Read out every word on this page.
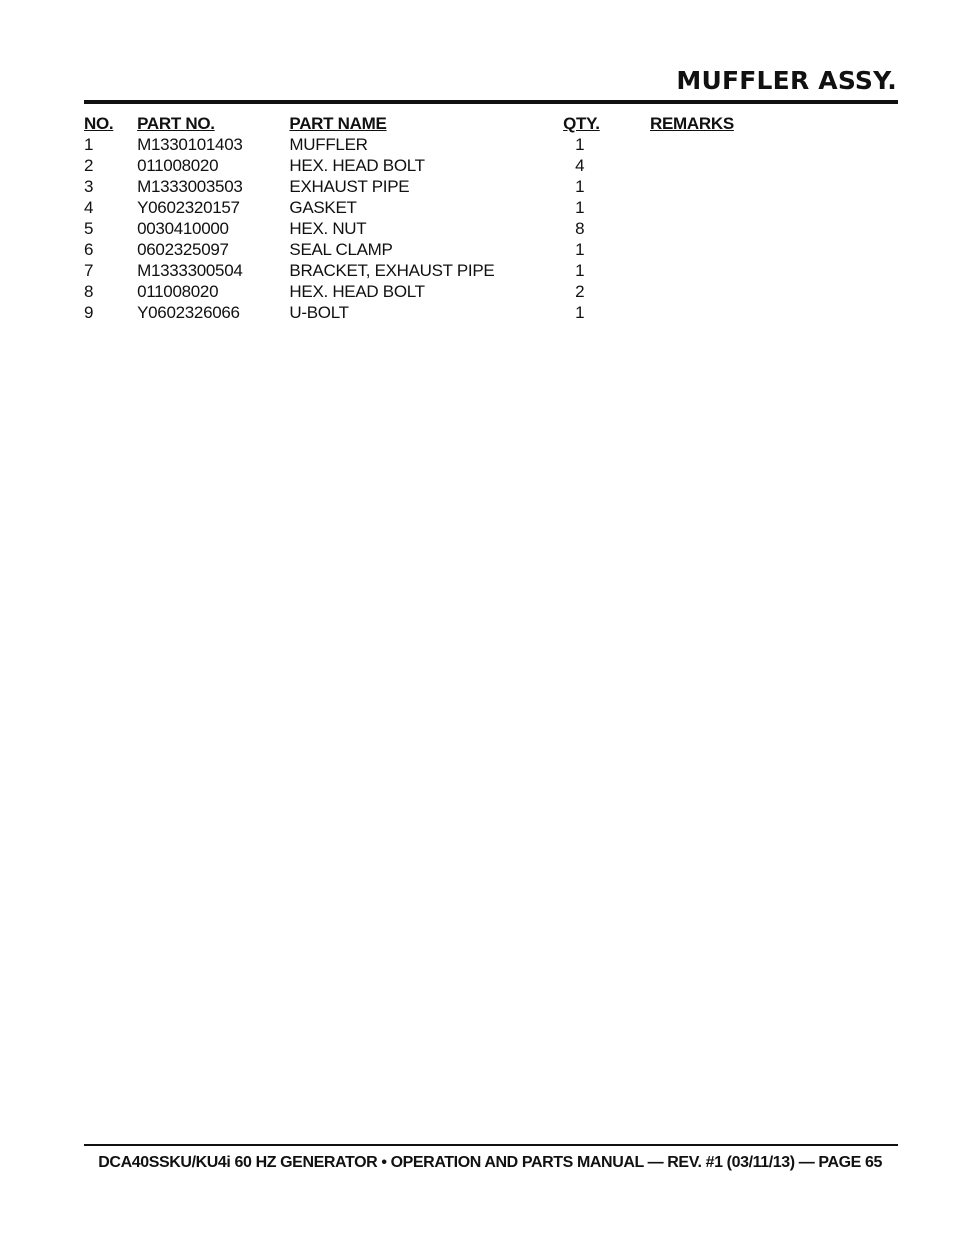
MUFFLER ASSY.
NO.	PART NO.	PART NAME	QTY.	REMARKS
1	M1330101403	MUFFLER	1	
2	011008020	HEX. HEAD BOLT	4	
3	M1333003503	EXHAUST PIPE	1	
4	Y0602320157	GASKET	1	
5	0030410000	HEX. NUT	8	
6	0602325097	SEAL CLAMP	1	
7	M1333300504	BRACKET, EXHAUST PIPE	1	
8	011008020	HEX. HEAD BOLT	2	
9	Y0602326066	U-BOLT	1	
DCA40SSKU/KU4i 60 HZ GENERATOR • OPERATION AND PARTS MANUAL — REV. #1 (03/11/13) — PAGE 65
